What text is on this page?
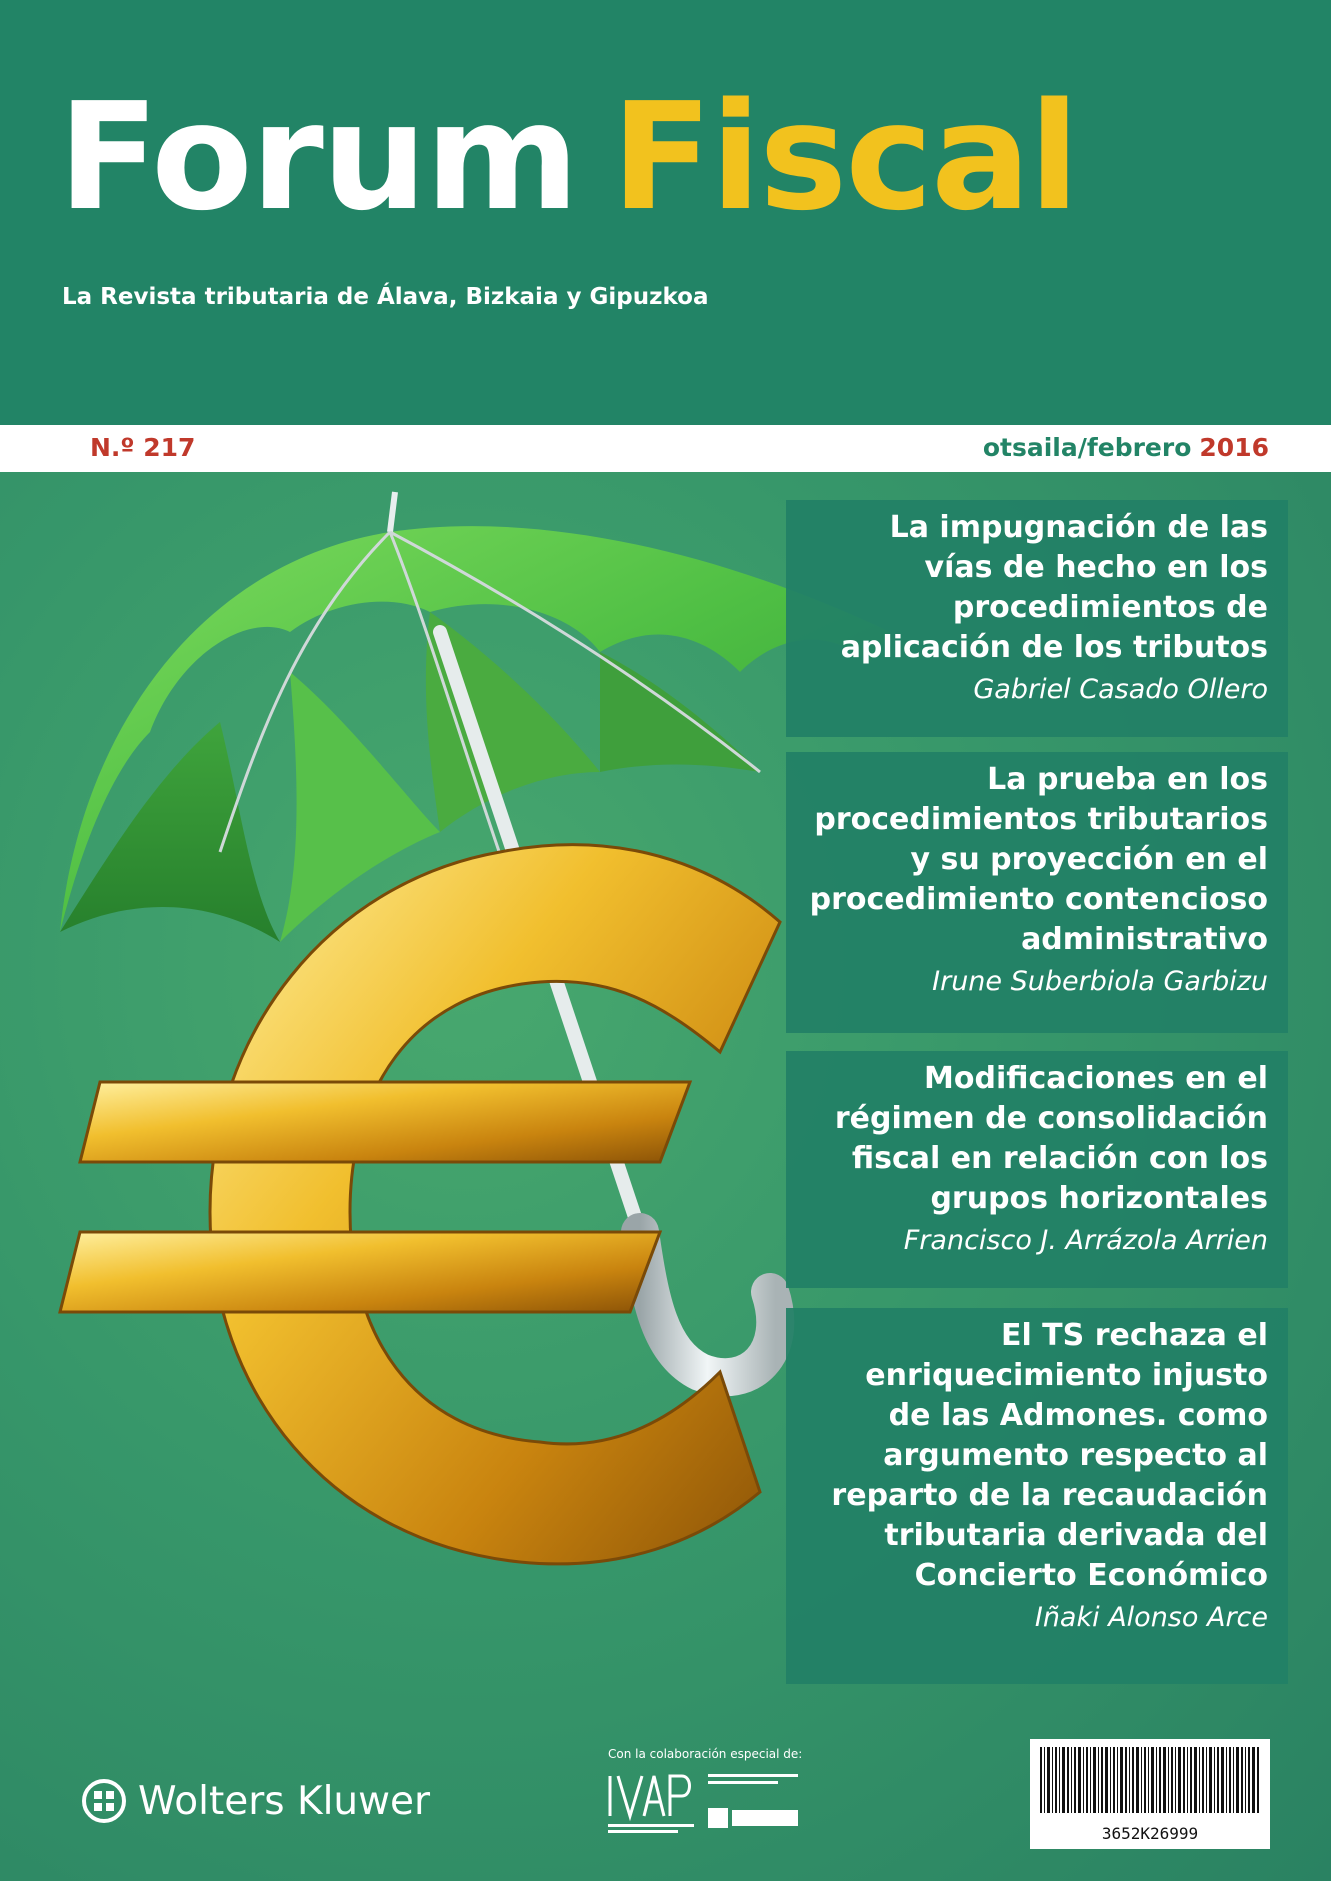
Forum Fiscal
La Revista tributaria de Álava, Bizkaia y Gipuzkoa
N.º 217	otsaila/febrero 2016
La impugnación de las
vías de hecho en los
procedimientos de
aplicación de los tributos
Gabriel Casado Ollero
La prueba en los
procedimientos tributarios
y su proyección en el
procedimiento contencioso
administrativo
Irune Suberbiola Garbizu
Modificaciones en el
régimen de consolidación
fiscal en relación con los
grupos horizontales
Francisco J. Arrázola Arrien
El TS rechaza el
enriquecimiento injusto
de las Admones. como
argumento respecto al
reparto de la recaudación
tributaria derivada del
Concierto Económico
Iñaki Alonso Arce
Wolters Kluwer
Con la colaboración especial de:
3652K26999
